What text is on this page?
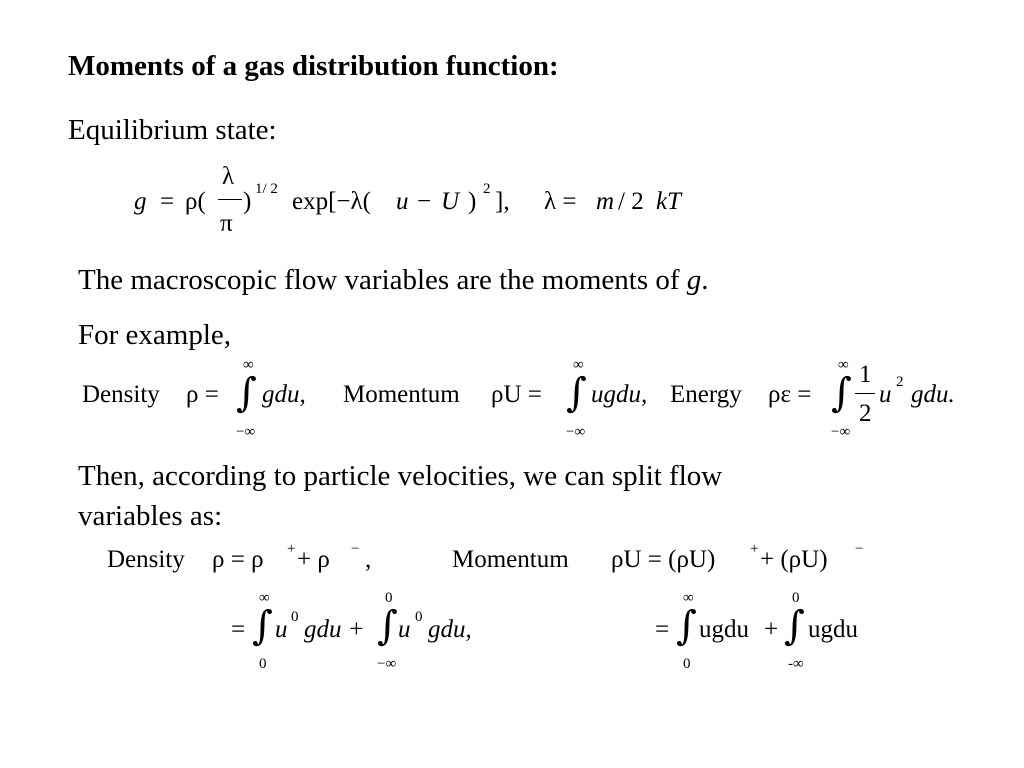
Moments of a gas distribution function:
Equilibrium state:
g = ρ(
λ
π
) 1/ 2 exp[−λ( u − U ) 2 ], λ = m / 2 kT
The macroscopic flow variables are the moments of g.
For example,
Density ρ =
∞
∫
−∞
gdu, Momentum ρU =
∞
∫
−∞
ugdu, Energy ρε =
∞
∫
−∞
1
2
u 2 gdu.
Then, according to particle velocities, we can split flow
variables as:
Density ρ = ρ + + ρ − ,	Momentum ρU = (ρU) + + (ρU) −
=
∞
∫
0
u 0 gdu +
0
∫
−∞
u 0 gdu,	=
∞
∫
0
ugdu +
0
∫
-∞
ugdu
